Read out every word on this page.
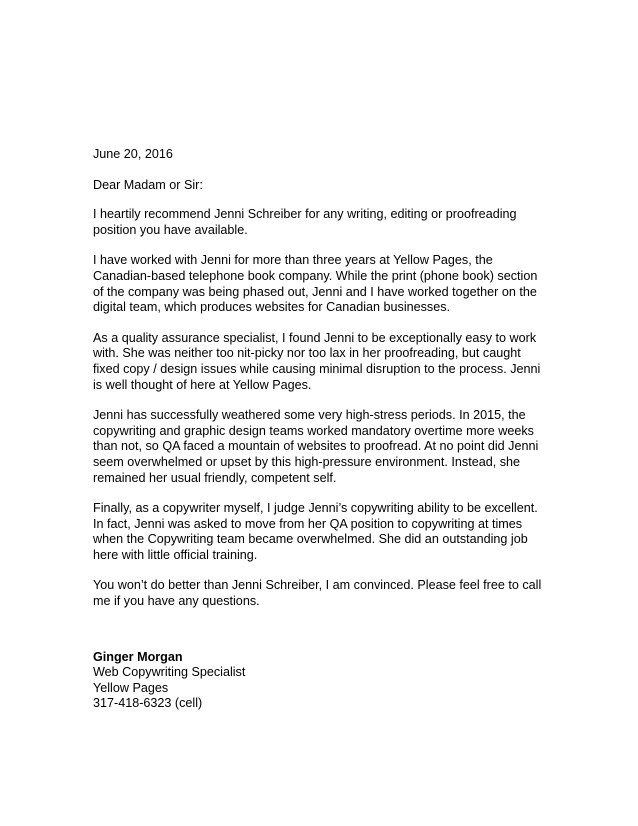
June 20, 2016
Dear Madam or Sir:
I heartily recommend Jenni Schreiber for any writing, editing or proofreading
position you have available.
I have worked with Jenni for more than three years at Yellow Pages, the
Canadian-based telephone book company. While the print (phone book) section
of the company was being phased out, Jenni and I have worked together on the
digital team, which produces websites for Canadian businesses.
As a quality assurance specialist, I found Jenni to be exceptionally easy to work
with. She was neither too nit-picky nor too lax in her proofreading, but caught
fixed copy / design issues while causing minimal disruption to the process. Jenni
is well thought of here at Yellow Pages.
Jenni has successfully weathered some very high-stress periods. In 2015, the
copywriting and graphic design teams worked mandatory overtime more weeks
than not, so QA faced a mountain of websites to proofread. At no point did Jenni
seem overwhelmed or upset by this high-pressure environment. Instead, she
remained her usual friendly, competent self.
Finally, as a copywriter myself, I judge Jenni’s copywriting ability to be excellent.
In fact, Jenni was asked to move from her QA position to copywriting at times
when the Copywriting team became overwhelmed. She did an outstanding job
here with little official training.
You won’t do better than Jenni Schreiber, I am convinced. Please feel free to call
me if you have any questions.
Ginger Morgan
Web Copywriting Specialist
Yellow Pages
317-418-6323 (cell)
